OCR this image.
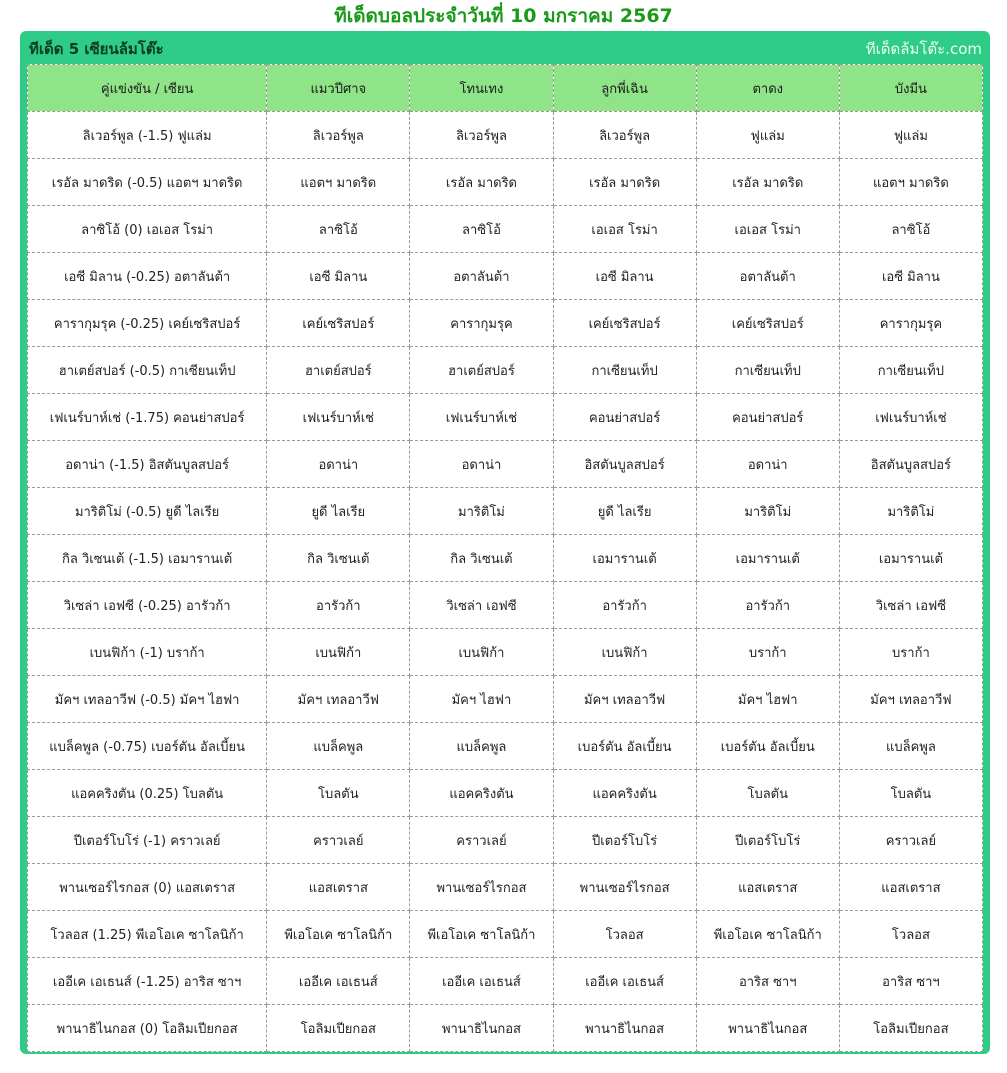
ทีเด็ดบอลประจำวันที่ 10 มกราคม 2567
ทีเด็ด 5 เซียนล้มโต๊ะ	ทีเด็ดล้มโต๊ะ.com
คู่แข่งขัน / เซียน	แมวปีศาจ	โทนเทง	ลูกพี่เฉิน	ตาดง	บังมีน
ลิเวอร์พูล (-1.5) ฟูแล่ม	ลิเวอร์พูล	ลิเวอร์พูล	ลิเวอร์พูล	ฟูแล่ม	ฟูแล่ม
เรอัล มาดริด (-0.5) แอตฯ มาดริด	แอตฯ มาดริด	เรอัล มาดริด	เรอัล มาดริด	เรอัล มาดริด	แอตฯ มาดริด
ลาซิโอ้ (0) เอเอส โรม่า	ลาซิโอ้	ลาซิโอ้	เอเอส โรม่า	เอเอส โรม่า	ลาซิโอ้
เอซี มิลาน (-0.25) อตาลันต้า	เอซี มิลาน	อตาลันต้า	เอซี มิลาน	อตาลันต้า	เอซี มิลาน
คารากุมรุค (-0.25) เคย์เซริสปอร์	เคย์เซริสปอร์	คารากุมรุค	เคย์เซริสปอร์	เคย์เซริสปอร์	คารากุมรุค
ฮาเตย์สปอร์ (-0.5) กาเซียนเท็ป	ฮาเตย์สปอร์	ฮาเตย์สปอร์	กาเซียนเท็ป	กาเซียนเท็ป	กาเซียนเท็ป
เฟเนร์บาห์เช่ (-1.75) คอนย่าสปอร์	เฟเนร์บาห์เช่	เฟเนร์บาห์เช่	คอนย่าสปอร์	คอนย่าสปอร์	เฟเนร์บาห์เช่
อดาน่า (-1.5) อิสตันบูลสปอร์	อดาน่า	อดาน่า	อิสตันบูลสปอร์	อดาน่า	อิสตันบูลสปอร์
มาริติโม่ (-0.5) ยูดี ไลเรีย	ยูดี ไลเรีย	มาริติโม่	ยูดี ไลเรีย	มาริติโม่	มาริติโม่
กิล วิเซนเต้ (-1.5) เอมารานเต้	กิล วิเซนเต้	กิล วิเซนเต้	เอมารานเต้	เอมารานเต้	เอมารานเต้
วิเซล่า เอฟซี (-0.25) อารัวก้า	อารัวก้า	วิเซล่า เอฟซี	อารัวก้า	อารัวก้า	วิเซล่า เอฟซี
เบนฟิก้า (-1) บราก้า	เบนฟิก้า	เบนฟิก้า	เบนฟิก้า	บราก้า	บราก้า
มัคฯ เทลอาวีฟ (-0.5) มัคฯ ไฮฟา	มัคฯ เทลอาวีฟ	มัคฯ ไฮฟา	มัคฯ เทลอาวีฟ	มัคฯ ไฮฟา	มัคฯ เทลอาวีฟ
แบล็คพูล (-0.75) เบอร์ตัน อัลเบี้ยน	แบล็คพูล	แบล็คพูล	เบอร์ตัน อัลเบี้ยน	เบอร์ตัน อัลเบี้ยน	แบล็คพูล
แอคคริงตัน (0.25) โบลตัน	โบลตัน	แอคคริงตัน	แอคคริงตัน	โบลตัน	โบลตัน
ปีเตอร์โบโร่ (-1) คราวเลย์	คราวเลย์	คราวเลย์	ปีเตอร์โบโร่	ปีเตอร์โบโร่	คราวเลย์
พานเซอร์ไรกอส (0) แอสเตราส	แอสเตราส	พานเซอร์ไรกอส	พานเซอร์ไรกอส	แอสเตราส	แอสเตราส
โวลอส (1.25) พีเอโอเค ซาโลนิก้า	พีเอโอเค ซาโลนิก้า	พีเอโอเค ซาโลนิก้า	โวลอส	พีเอโอเค ซาโลนิก้า	โวลอส
เออีเค เอเธนส์ (-1.25) อาริส ซาฯ	เออีเค เอเธนส์	เออีเค เอเธนส์	เออีเค เอเธนส์	อาริส ซาฯ	อาริส ซาฯ
พานาธิไนกอส (0) โอลิมเปียกอส	โอลิมเปียกอส	พานาธิไนกอส	พานาธิไนกอส	พานาธิไนกอส	โอลิมเปียกอส
